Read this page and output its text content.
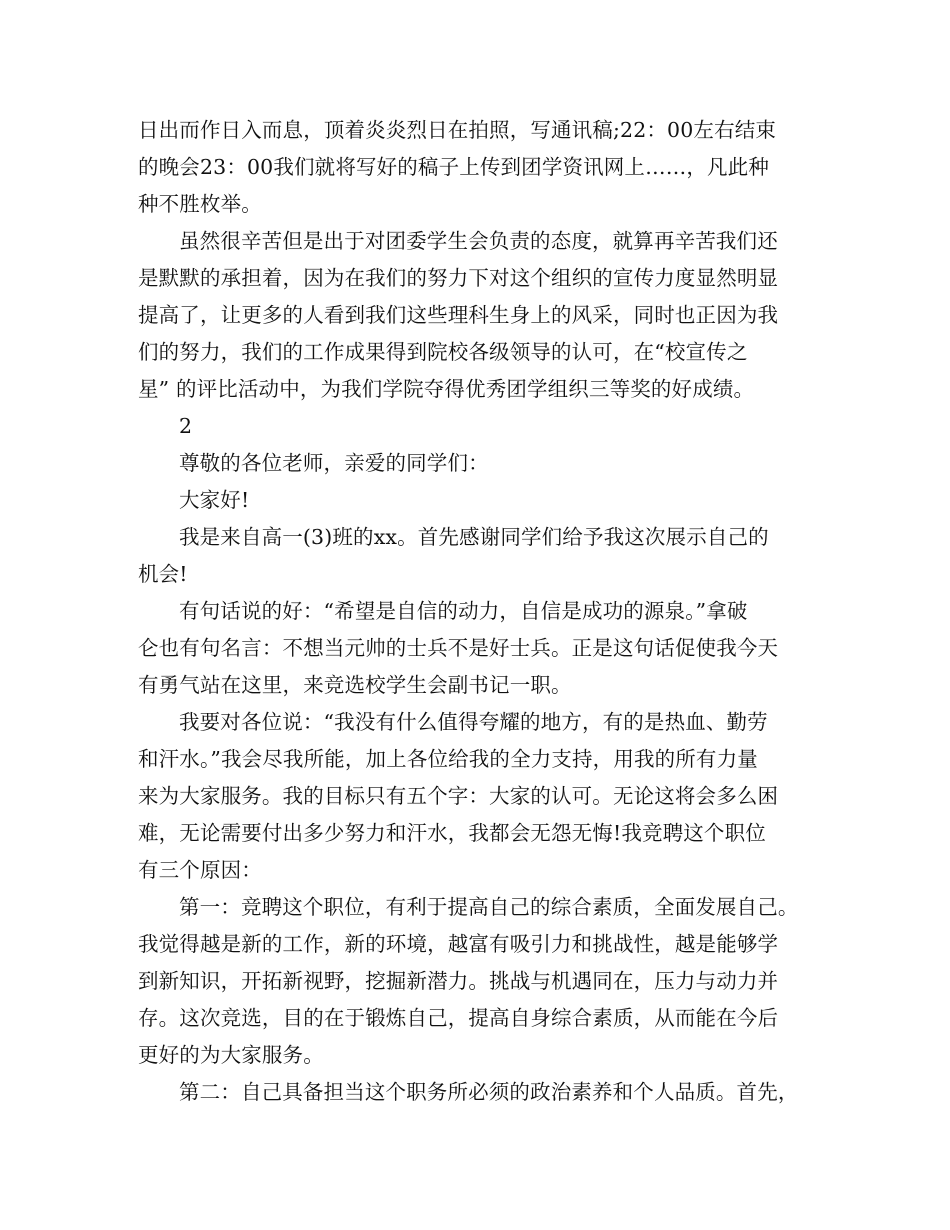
日出而作日入而息，顶着炎炎烈日在拍照，写通讯稿;22：00左右结束
的晚会23：00我们就将写好的稿子上传到团学资讯网上……，凡此种
种不胜枚举。
虽然很辛苦但是出于对团委学生会负责的态度，就算再辛苦我们还
是默默的承担着，因为在我们的努力下对这个组织的宣传力度显然明显
提高了，让更多的人看到我们这些理科生身上的风采，同时也正因为我
们的努力，我们的工作成果得到院校各级领导的认可，在“校宣传之
星” 的评比活动中，为我们学院夺得优秀团学组织三等奖的好成绩。
2
尊敬的各位老师，亲爱的同学们：
大家好!
我是来自高一(3)班的xx。首先感谢同学们给予我这次展示自己的
机会!
有句话说的好：“希望是自信的动力，自信是成功的源泉。”拿破
仑也有句名言：不想当元帅的士兵不是好士兵。正是这句话促使我今天
有勇气站在这里，来竞选校学生会副书记一职。
我要对各位说：“我没有什么值得夸耀的地方，有的是热血、勤劳
和汗水。”我会尽我所能，加上各位给我的全力支持，用我的所有力量
来为大家服务。我的目标只有五个字：大家的认可。无论这将会多么困
难，无论需要付出多少努力和汗水，我都会无怨无悔!我竞聘这个职位
有三个原因：
第一：竞聘这个职位，有利于提高自己的综合素质，全面发展自己。
我觉得越是新的工作，新的环境，越富有吸引力和挑战性，越是能够学
到新知识，开拓新视野，挖掘新潜力。挑战与机遇同在，压力与动力并
存。这次竞选，目的在于锻炼自己，提高自身综合素质，从而能在今后
更好的为大家服务。
第二：自己具备担当这个职务所必须的政治素养和个人品质。首先，
